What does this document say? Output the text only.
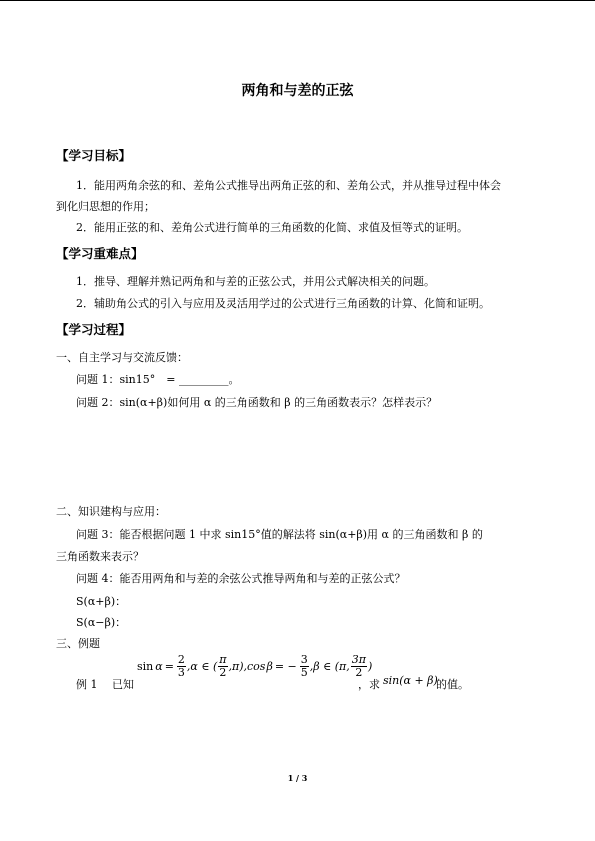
两角和与差的正弦
【学习目标】
1．能用两角余弦的和、差角公式推导出两角正弦的和、差角公式，并从推导过程中体会
到化归思想的作用；
2．能用正弦的和、差角公式进行简单的三角函数的化简、求值及恒等式的证明。
【学习重难点】
1．推导、理解并熟记两角和与差的正弦公式，并用公式解决相关的问题。
2．辅助角公式的引入与应用及灵活用学过的公式进行三角函数的计算、化简和证明。
【学习过程】
一、自主学习与交流反馈：
问题 1：sin15°　= _________。
问题 2：sin(α+β)如何用 α 的三角函数和 β 的三角函数表示？怎样表示？
二、知识建构与应用：
问题 3：能否根据问题 1 中求 sin15°值的解法将 sin(α+β)用 α 的三角函数和 β 的
三角函数来表示？
问题 4：能否用两角和与差的余弦公式推导两角和与差的正弦公式？
S(α+β)：
S(α−β)：
三、例题
例 1　 已知
$\sin \alpha = \frac{2}{3} ,\alpha$ ∈ ( $\frac{\pi}{2} ,\pi),\cos$ β = − $\frac{3}{5} ,\beta$ ∈ (π, $\frac{3\pi}{2}$ )
，求 sin(α + β)
的值。
1 / 3
